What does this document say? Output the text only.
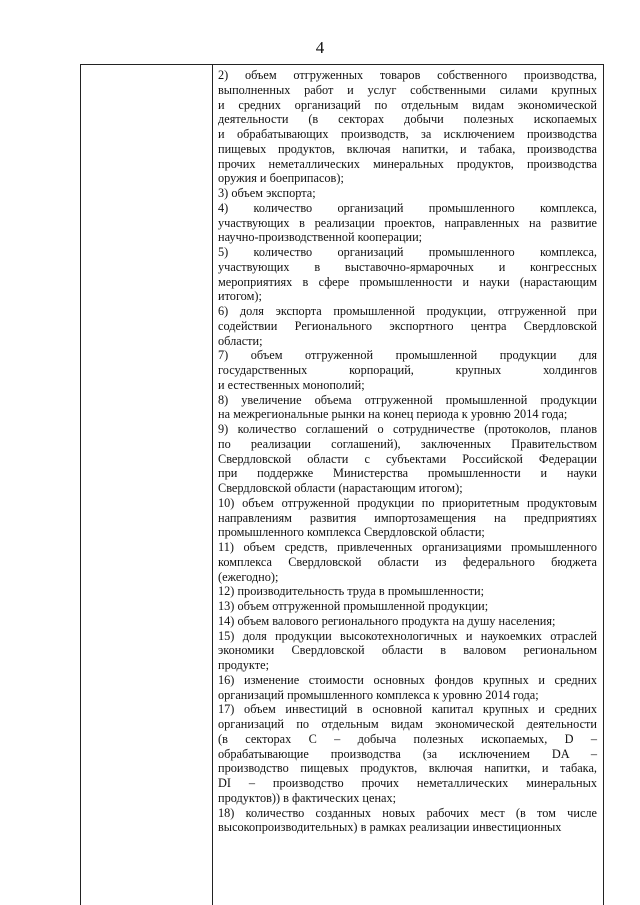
4
2) объем отгруженных товаров собственного производства,
выполненных работ и услуг собственными силами крупных
и средних организаций по отдельным видам экономической
деятельности (в секторах добычи полезных ископаемых
и обрабатывающих производств, за исключением производства
пищевых продуктов, включая напитки, и табака, производства
прочих неметаллических минеральных продуктов, производства
оружия и боеприпасов);
3) объем экспорта;
4) количество организаций промышленного комплекса,
участвующих в реализации проектов, направленных на развитие
научно-производственной кооперации;
5) количество организаций промышленного комплекса,
участвующих в выставочно-ярмарочных и конгрессных
мероприятиях в сфере промышленности и науки (нарастающим
итогом);
6) доля экспорта промышленной продукции, отгруженной при
содействии Регионального экспортного центра Свердловской
области;
7) объем отгруженной промышленной продукции для
государственных корпораций, крупных холдингов
и естественных монополий;
8) увеличение объема отгруженной промышленной продукции
на межрегиональные рынки на конец периода к уровню 2014 года;
9) количество соглашений о сотрудничестве (протоколов, планов
по реализации соглашений), заключенных Правительством
Свердловской области с субъектами Российской Федерации
при поддержке Министерства промышленности и науки
Свердловской области (нарастающим итогом);
10) объем отгруженной продукции по приоритетным продуктовым
направлениям развития импортозамещения на предприятиях
промышленного комплекса Свердловской области;
11) объем средств, привлеченных организациями промышленного
комплекса Свердловской области из федерального бюджета
(ежегодно);
12) производительность труда в промышленности;
13) объем отгруженной промышленной продукции;
14) объем валового регионального продукта на душу населения;
15) доля продукции высокотехнологичных и наукоемких отраслей
экономики Свердловской области в валовом региональном
продукте;
16) изменение стоимости основных фондов крупных и средних
организаций промышленного комплекса к уровню 2014 года;
17) объем инвестиций в основной капитал крупных и средних
организаций по отдельным видам экономической деятельности
(в секторах С – добыча полезных ископаемых, D –
обрабатывающие производства (за исключением DA –
производство пищевых продуктов, включая напитки, и табака,
DI – производство прочих неметаллических минеральных
продуктов)) в фактических ценах;
18) количество созданных новых рабочих мест (в том числе
высокопроизводительных) в рамках реализации инвестиционных
